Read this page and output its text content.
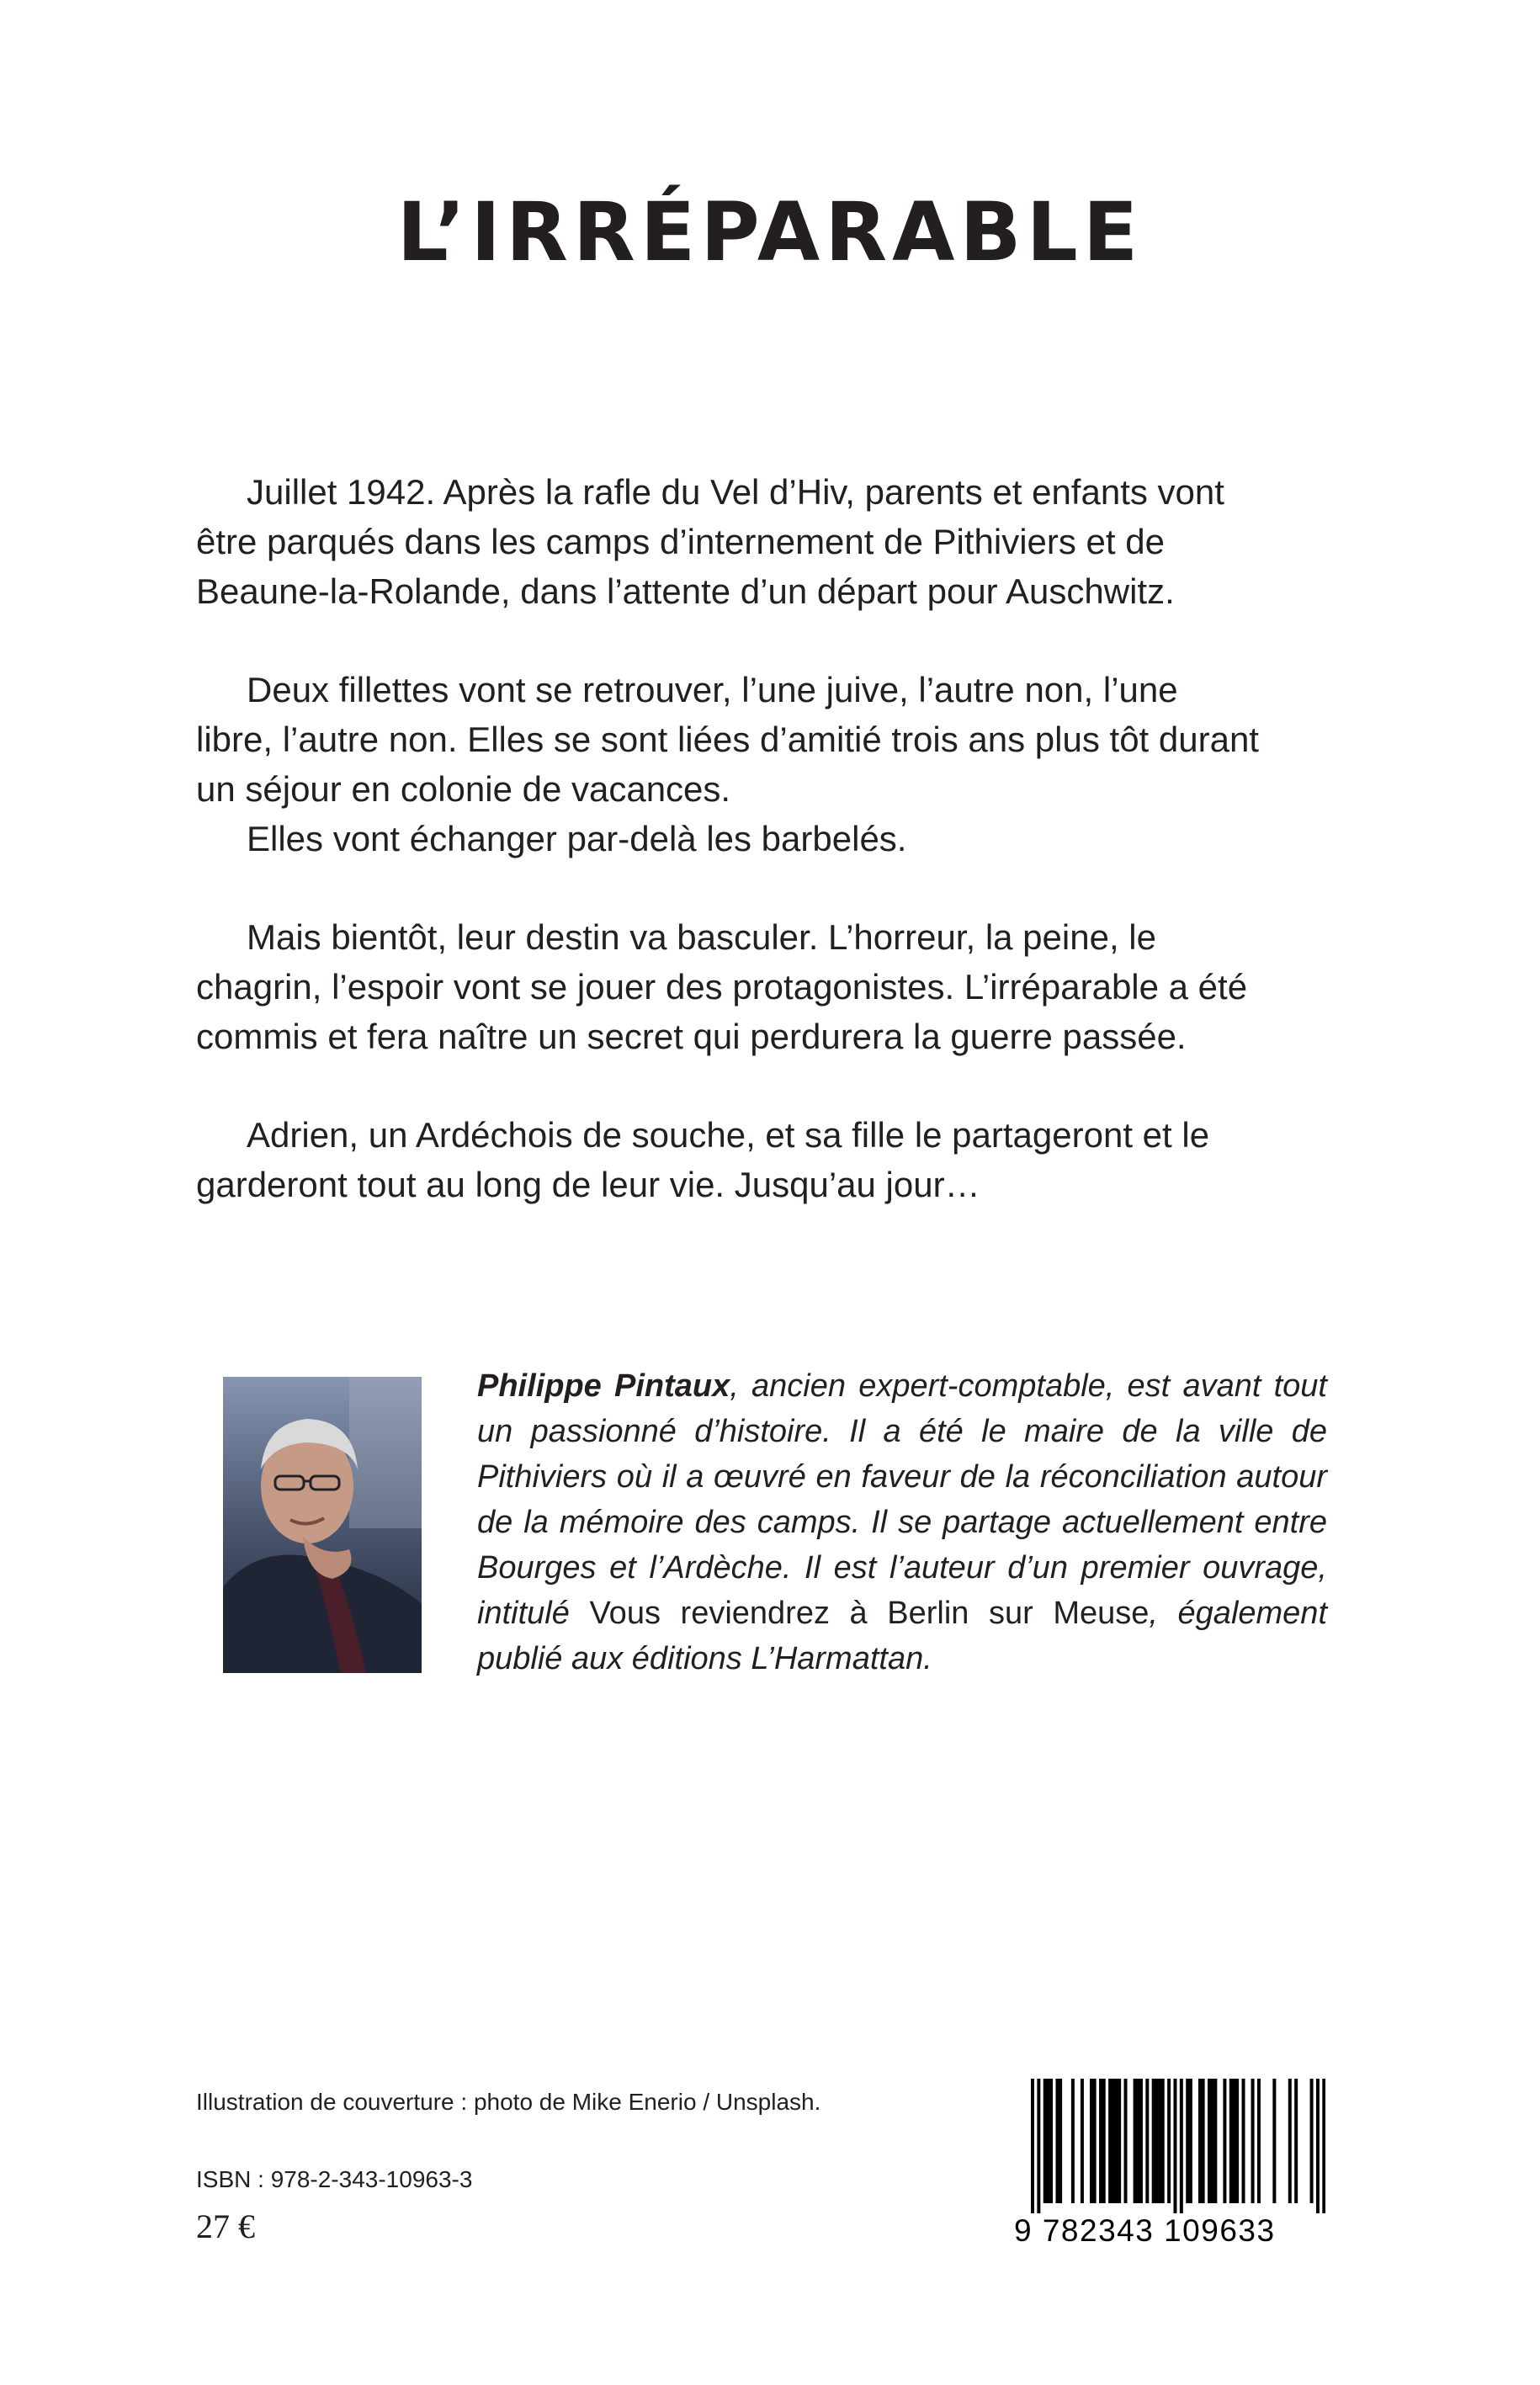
L’IRRÉPARABLE

Juillet 1942. Après la rafle du Vel d’Hiv, parents et enfants vont
être parqués dans les camps d’internement de Pithiviers et de
Beaune-la-Rolande, dans l’attente d’un départ pour Auschwitz.

Deux fillettes vont se retrouver, l’une juive, l’autre non, l’une
libre, l’autre non. Elles se sont liées d’amitié trois ans plus tôt durant
un séjour en colonie de vacances.

Elles vont échanger par-delà les barbelés.

Mais bientôt, leur destin va basculer. L’horreur, la peine, le
chagrin, l’espoir vont se jouer des protagonistes. L’irréparable a été
commis et fera naître un secret qui perdurera la guerre passée.

Adrien, un Ardéchois de souche, et sa fille le partageront et le
garderont tout au long de leur vie. Jusqu’au jour…

Philippe Pintaux, ancien expert-comptable, est avant tout un passionné d’histoire. Il a été le maire de la ville de Pithiviers où il a œuvré en faveur de la réconciliation autour de la mémoire des camps. Il se partage actuellement entre Bourges et l’Ardèche. Il est l’auteur d’un premier ouvrage, intitulé Vous reviendrez à Berlin sur Meuse, également publié aux éditions L’Harmattan.
Illustration de couverture : photo de Mike Enerio / Unsplash.
ISBN : 978-2-343-10963-3
27 €	9 782343 109633
